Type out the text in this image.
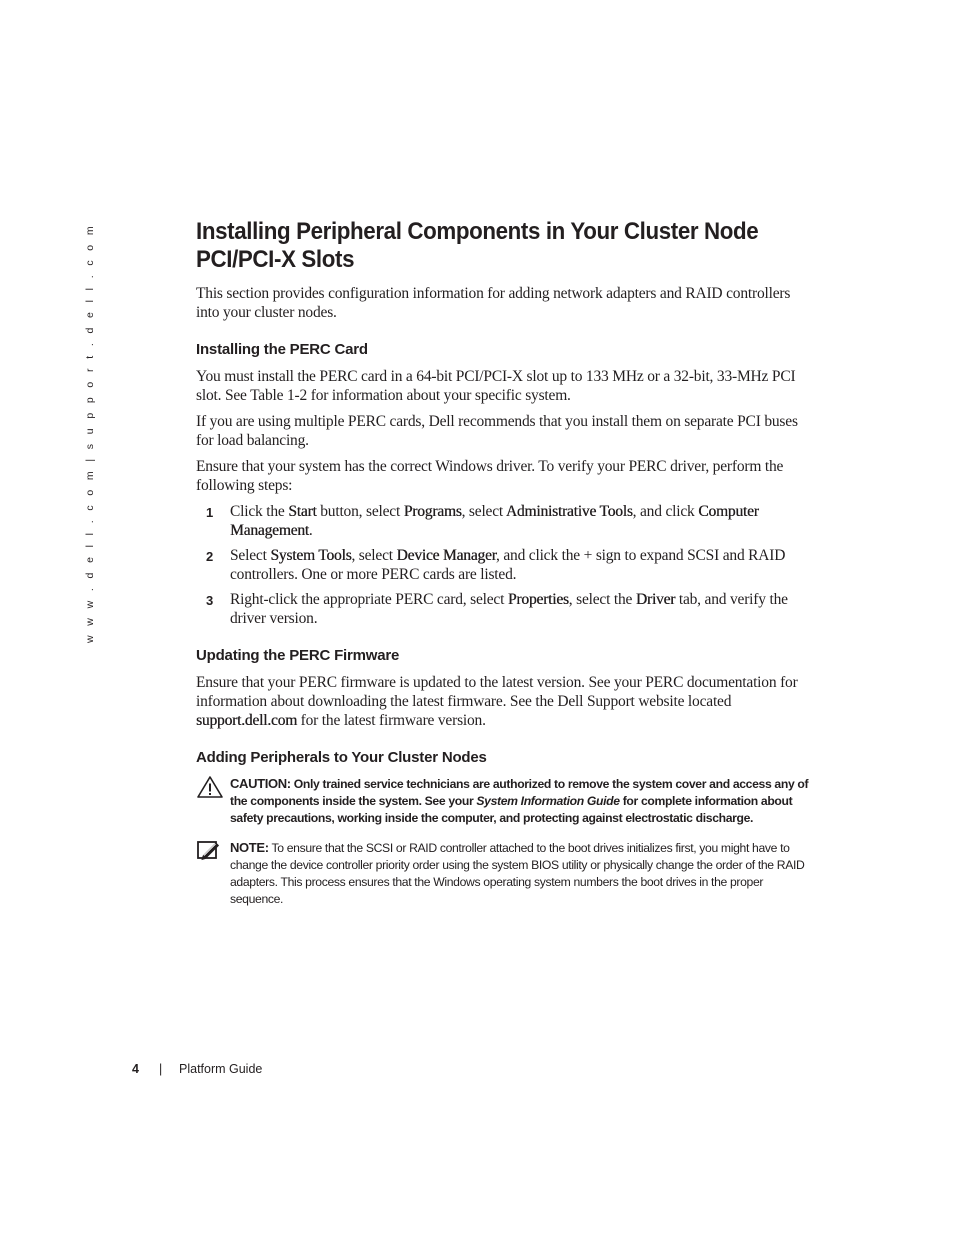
w w w . d e l l . c o m | s u p p o r t . d e l l . c o m	Installing Peripheral Components in Your Cluster Node
PCI/PCI-X Slots

This section provides configuration information for adding network adapters and RAID controllers into your cluster nodes.

Installing the PERC Card

You must install the PERC card in a 64-bit PCI/PCI-X slot up to 133 MHz or a 32-bit, 33-MHz PCI slot. See Table 1-2 for information about your specific system.

If you are using multiple PERC cards, Dell recommends that you install them on separate PCI buses for load balancing.

Ensure that your system has the correct Windows driver. To verify your PERC driver, perform the following steps:

1 Click the Start button, select Programs, select Administrative Tools, and click Computer Management.
2 Select System Tools, select Device Manager, and click the + sign to expand SCSI and RAID controllers. One or more PERC cards are listed.
3 Right-click the appropriate PERC card, select Properties, select the Driver tab, and verify the driver version.
Updating the PERC Firmware

Ensure that your PERC firmware is updated to the latest version. See your PERC documentation for information about downloading the latest firmware. See the Dell Support website located support.dell.com for the latest firmware version.

Adding Peripherals to Your Cluster Nodes
CAUTION: Only trained service technicians are authorized to remove the system cover and access any of the components inside the system. See your System Information Guide for complete information about safety precautions, working inside the computer, and protecting against electrostatic discharge.
NOTE: To ensure that the SCSI or RAID controller attached to the boot drives initializes first, you might have to change the device controller priority order using the system BIOS utility or physically change the order of the RAID adapters. This process ensures that the Windows operating system numbers the boot drives in the proper sequence.
4 | Platform Guide
